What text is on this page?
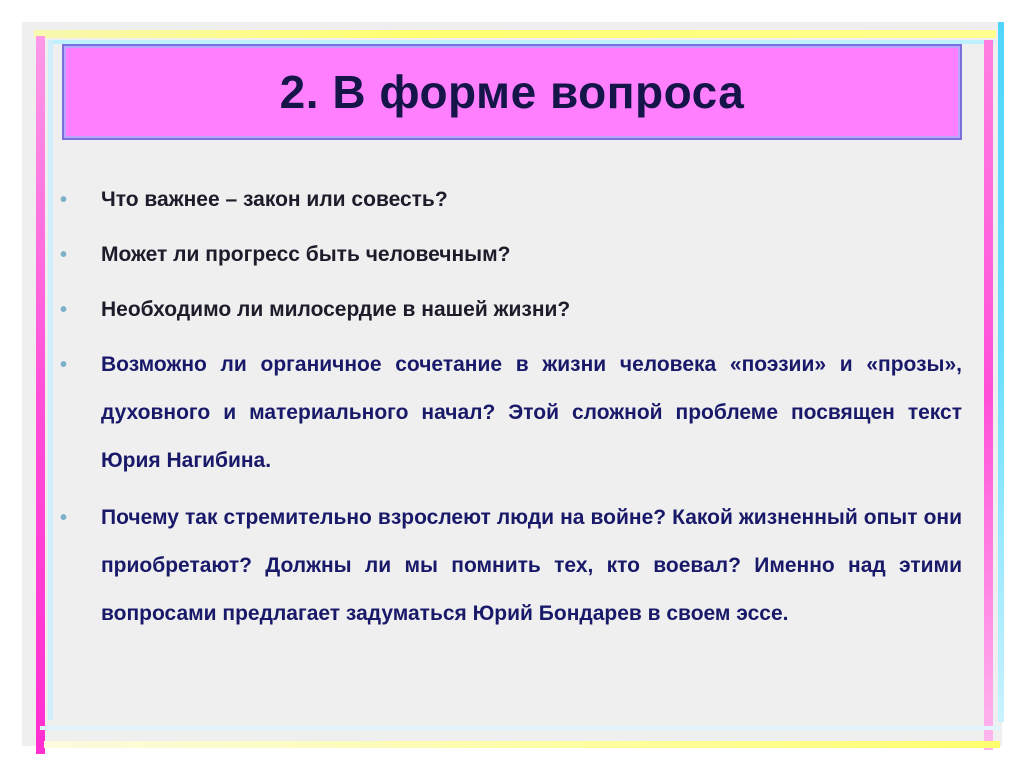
2. В форме вопроса
• Что важнее – закон или совесть?
• Может ли прогресс быть человечным?
• Необходимо ли милосердие в нашей жизни?
• Возможно ли органичное сочетание в жизни человека «поэзии» и «прозы», духовного и материального начал? Этой сложной проблеме посвящен текст Юрия Нагибина.
• Почему так стремительно взрослеют люди на войне? Какой жизненный опыт они приобретают? Должны ли мы помнить тех, кто воевал? Именно над этими вопросами предлагает задуматься Юрий Бондарев в своем эссе.
